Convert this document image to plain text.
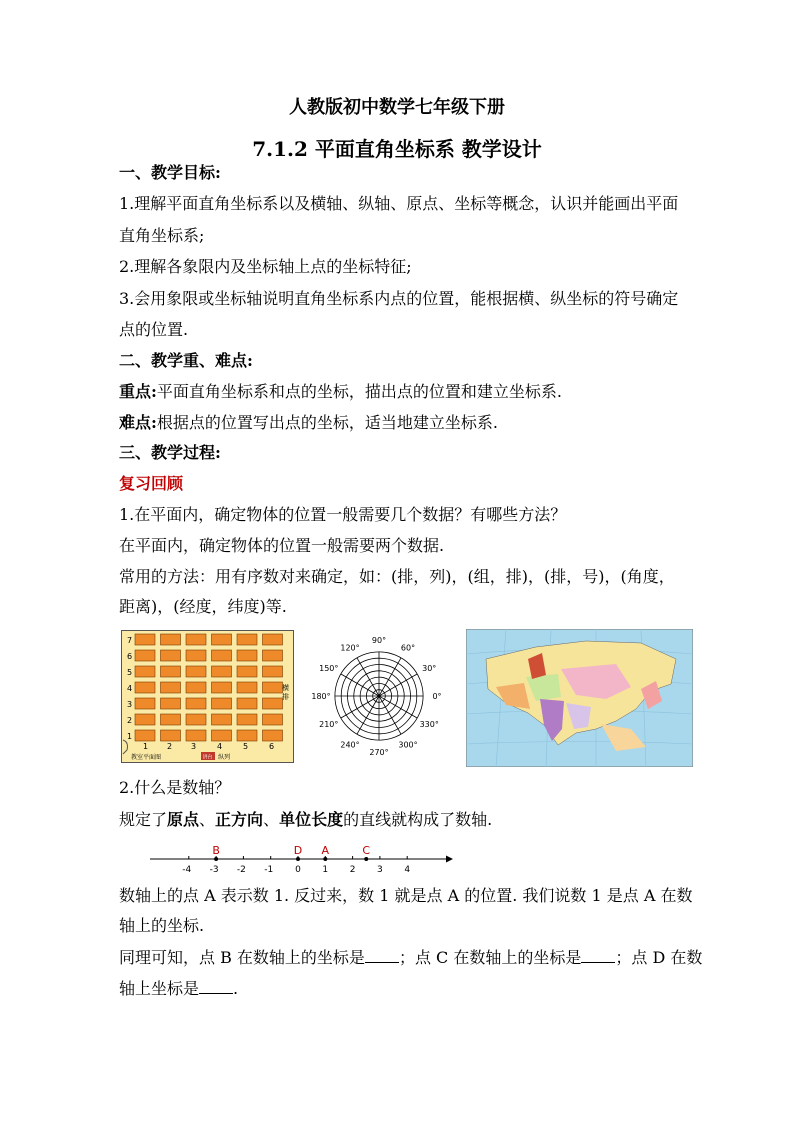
人教版初中数学七年级下册
7.1.2 平面直角坐标系 教学设计
一、教学目标:
1.理解平面直角坐标系以及横轴、纵轴、原点、坐标等概念，认识并能画出平面
直角坐标系;
2.理解各象限内及坐标轴上点的坐标特征;
3.会用象限或坐标轴说明直角坐标系内点的位置，能根据横、纵坐标的符号确定
点的位置.
二、教学重、难点:
重点:平面直角坐标系和点的坐标，描出点的位置和建立坐标系.
难点:根据点的位置写出点的坐标，适当地建立坐标系.
三、教学过程:
复习回顾
1.在平面内，确定物体的位置一般需要几个数据？有哪些方法？
在平面内，确定物体的位置一般需要两个数据.
常用的方法：用有序数对来确定，如：(排，列)，(组，排)，(排，号)，(角度，
距离)，(经度，纬度)等.
7
6
5
4
3
2
1
1 2 3	4	5	6
横
排
教室平面图	讲台 纵列
0°
30°
60°
90°
120°
150°
180°
210°
240°
270°
300°
330°
2.什么是数轴？
规定了原点、正方向、单位长度的直线就构成了数轴.
-4 -3 -2 -1 0 1 2 3 4
B	D A	C
数轴上的点 A 表示数 1. 反过来，数 1 就是点 A 的位置. 我们说数 1 是点 A 在数
轴上的坐标.
同理可知，点 B 在数轴上的坐标是 ；点 C 在数轴上的坐标是 ；点 D 在数
轴上坐标是 .
